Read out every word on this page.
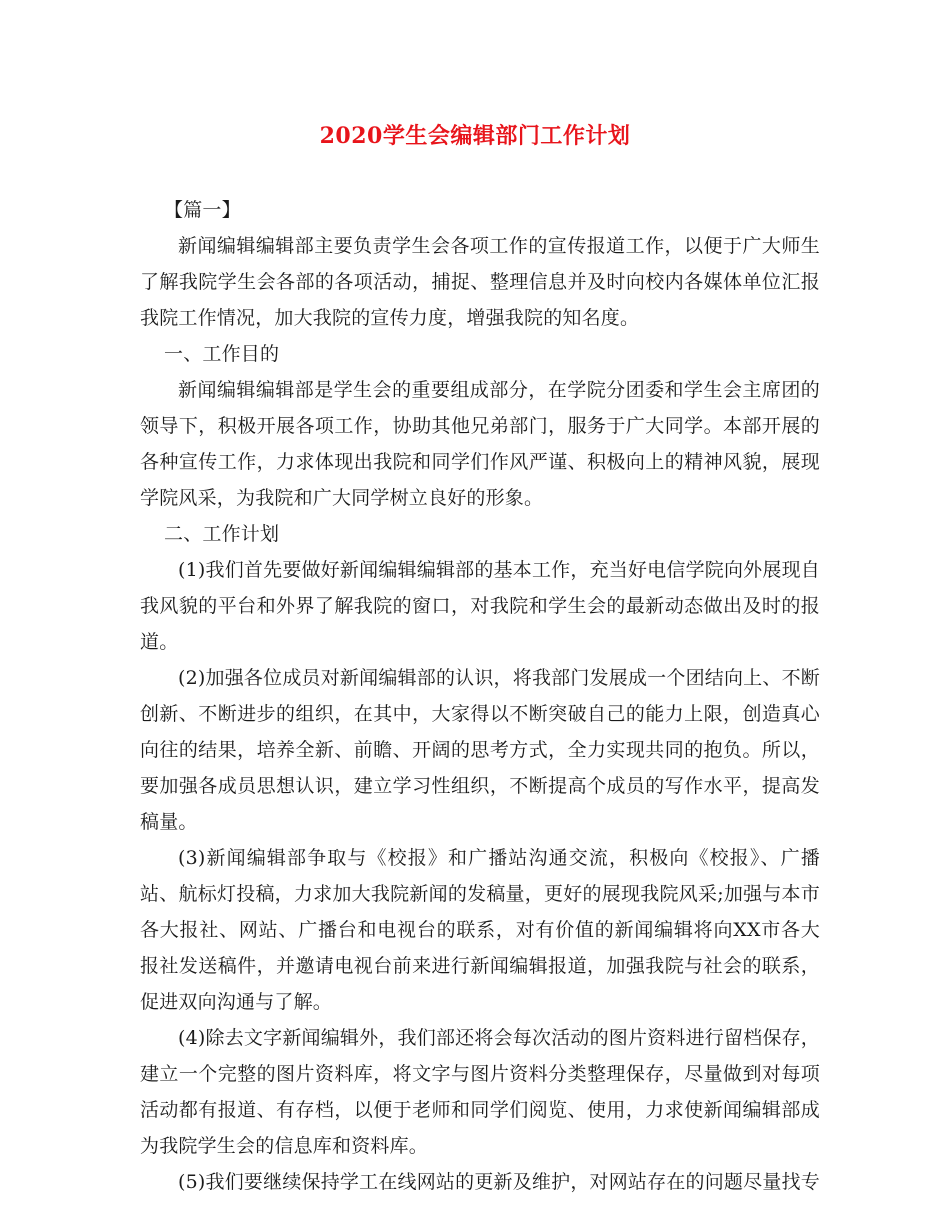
2020学生会编辑部门工作计划

【篇一】

新闻编辑编辑部主要负责学生会各项工作的宣传报道工作，以便于广大师生了解我院学生会各部的各项活动，捕捉、整理信息并及时向校内各媒体单位汇报我院工作情况，加大我院的宣传力度，增强我院的知名度。

一、工作目的

新闻编辑编辑部是学生会的重要组成部分，在学院分团委和学生会主席团的领导下，积极开展各项工作，协助其他兄弟部门，服务于广大同学。本部开展的各种宣传工作，力求体现出我院和同学们作风严谨、积极向上的精神风貌，展现学院风采，为我院和广大同学树立良好的形象。

二、工作计划

(1)我们首先要做好新闻编辑编辑部的基本工作，充当好电信学院向外展现自我风貌的平台和外界了解我院的窗口，对我院和学生会的最新动态做出及时的报道。

(2)加强各位成员对新闻编辑部的认识，将我部门发展成一个团结向上、不断创新、不断进步的组织，在其中，大家得以不断突破自己的能力上限，创造真心向往的结果，培养全新、前瞻、开阔的思考方式，全力实现共同的抱负。所以，要加强各成员思想认识，建立学习性组织，不断提高个成员的写作水平，提高发稿量。

(3)新闻编辑部争取与《校报》和广播站沟通交流，积极向《校报》、广播站、航标灯投稿，力求加大我院新闻的发稿量，更好的展现我院风采;加强与本市各大报社、网站、广播台和电视台的联系，对有价值的新闻编辑将向XX市各大报社发送稿件，并邀请电视台前来进行新闻编辑报道，加强我院与社会的联系，促进双向沟通与了解。

(4)除去文字新闻编辑外，我们部还将会每次活动的图片资料进行留档保存，建立一个完整的图片资料库，将文字与图片资料分类整理保存，尽量做到对每项活动都有报道、有存档，以便于老师和同学们阅览、使用，力求使新闻编辑部成为我院学生会的信息库和资料库。

(5)我们要继续保持学工在线网站的更新及维护，对网站存在的问题尽量找专
